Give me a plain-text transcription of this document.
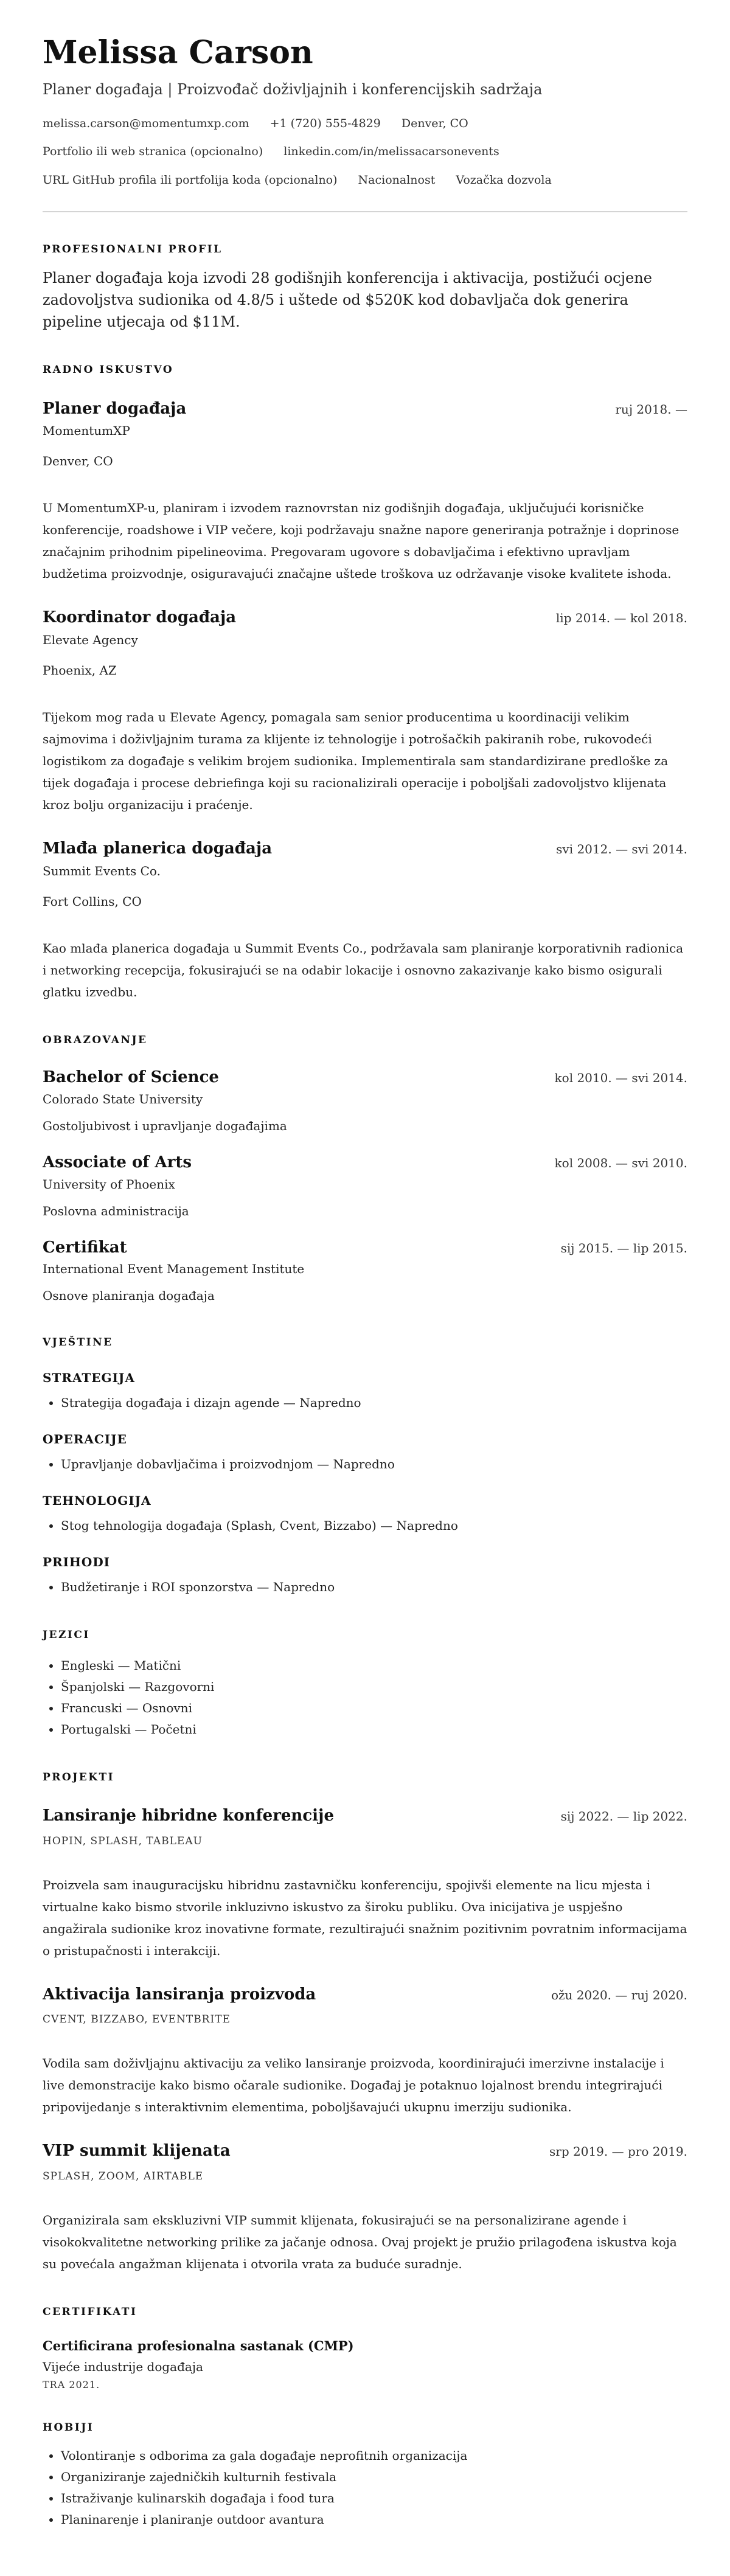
Melissa Carson
Planer događaja | Proizvođač doživljajnih i konferencijskih sadržaja
melissa.carson@momentumxp.com +1 (720) 555-4829 Denver, CO
Portfolio ili web stranica (opcionalno) linkedin.com/in/melissacarsonevents
URL GitHub profila ili portfolija koda (opcionalno) Nacionalnost Vozačka dozvola
PROFESIONALNI PROFIL

Planer događaja koja izvodi 28 godišnjih konferencija i aktivacija, postižući ocjene zadovoljstva sudionika od 4.8/5 i uštede od $520K kod dobavljača dok generira pipeline utjecaja od $11M.

RADNO ISKUSTVO
Planer događaja	ruj 2018. —
MomentumXP
Denver, CO

U MomentumXP-u, planiram i izvodem raznovrstan niz godišnjih događaja, uključujući korisničke konferencije, roadshowe i VIP večere, koji podržavaju snažne napore generiranja potražnje i doprinose značajnim prihodnim pipelineovima. Pregovaram ugovore s dobavljačima i efektivno upravljam budžetima proizvodnje, osiguravajući značajne uštede troškova uz održavanje visoke kvalitete ishoda.

Koordinator događaja	lip 2014. — kol 2018.
Elevate Agency
Phoenix, AZ

Tijekom mog rada u Elevate Agency, pomagala sam senior producentima u koordinaciji velikim sajmovima i doživljajnim turama za klijente iz tehnologije i potrošačkih pakiranih robe, rukovodeći logistikom za događaje s velikim brojem sudionika. Implementirala sam standardizirane predloške za tijek događaja i procese debriefinga koji su racionalizirali operacije i poboljšali zadovoljstvo klijenata kroz bolju organizaciju i praćenje.

Mlađa planerica događaja	svi 2012. — svi 2014.
Summit Events Co.
Fort Collins, CO

Kao mlađa planerica događaja u Summit Events Co., podržavala sam planiranje korporativnih radionica i networking recepcija, fokusirajući se na odabir lokacije i osnovno zakazivanje kako bismo osigurali glatku izvedbu.

OBRAZOVANJE
Bachelor of Science	kol 2010. — svi 2014.
Colorado State University
Gostoljubivost i upravljanje događajima
Associate of Arts	kol 2008. — svi 2010.
University of Phoenix
Poslovna administracija
Certifikat	sij 2015. — lip 2015.
International Event Management Institute
Osnove planiranja događaja
VJEŠTINE
STRATEGIJA
• Strategija događaja i dizajn agende — Napredno
OPERACIJE
• Upravljanje dobavljačima i proizvodnjom — Napredno
TEHNOLOGIJA
• Stog tehnologija događaja (Splash, Cvent, Bizzabo) — Napredno
PRIHODI
• Budžetiranje i ROI sponzorstva — Napredno
JEZICI
• Engleski — Matični
• Španjolski — Razgovorni
• Francuski — Osnovni
• Portugalski — Početni
PROJEKTI
Lansiranje hibridne konferencije	sij 2022. — lip 2022.
HOPIN, SPLASH, TABLEAU

Proizvela sam inauguracijsku hibridnu zastavničku konferenciju, spojivši elemente na licu mjesta i virtualne kako bismo stvorile inkluzivno iskustvo za široku publiku. Ova inicijativa je uspješno angažirala sudionike kroz inovativne formate, rezultirajući snažnim pozitivnim povratnim informacijama o pristupačnosti i interakciji.

Aktivacija lansiranja proizvoda	ožu 2020. — ruj 2020.
CVENT, BIZZABO, EVENTBRITE

Vodila sam doživljajnu aktivaciju za veliko lansiranje proizvoda, koordinirajući imerzivne instalacije i live demonstracije kako bismo očarale sudionike. Događaj je potaknuo lojalnost brendu integrirajući pripovijedanje s interaktivnim elementima, poboljšavajući ukupnu imerziju sudionika.

VIP summit klijenata	srp 2019. — pro 2019.
SPLASH, ZOOM, AIRTABLE

Organizirala sam ekskluzivni VIP summit klijenata, fokusirajući se na personalizirane agende i visokokvalitetne networking prilike za jačanje odnosa. Ovaj projekt je pružio prilagođena iskustva koja su povećala angažman klijenata i otvorila vrata za buduće suradnje.

CERTIFIKATI
Certificirana profesionalna sastanak (CMP)
Vijeće industrije događaja
TRA 2021.
HOBIJI
• Volontiranje s odborima za gala događaje neprofitnih organizacija
• Organiziranje zajedničkih kulturnih festivala
• Istraživanje kulinarskih događaja i food tura
• Planinarenje i planiranje outdoor avantura
